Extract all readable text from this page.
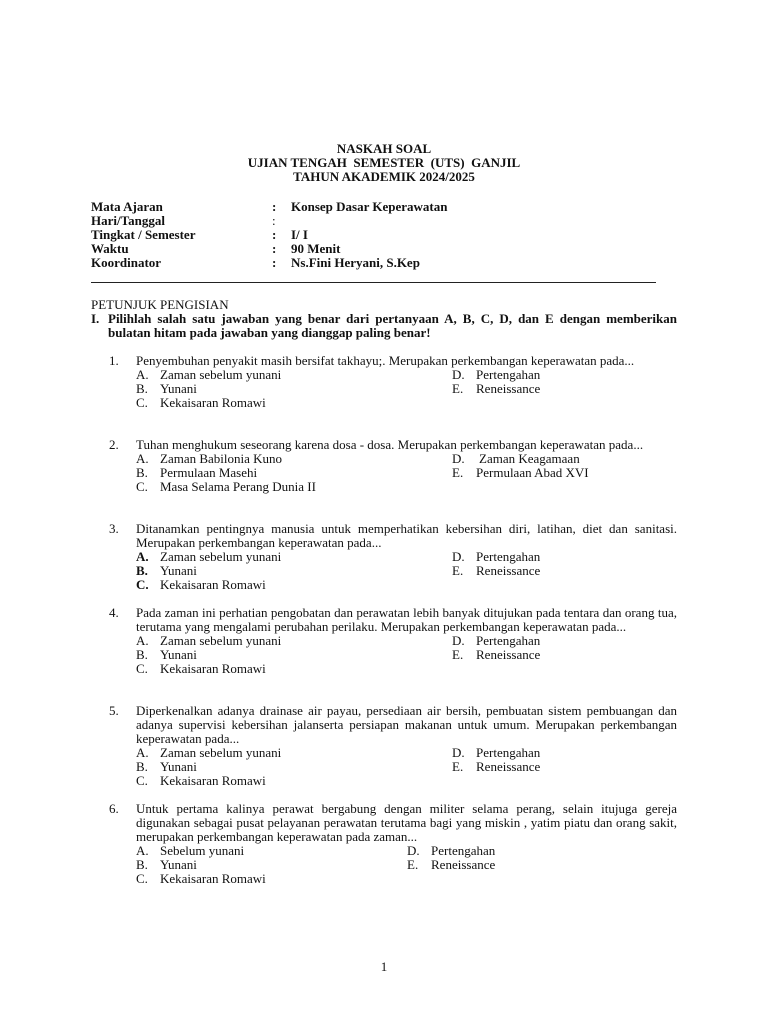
NASKAH SOAL
UJIAN TENGAH  SEMESTER  (UTS)  GANJIL
TAHUN AKADEMIK 2024/2025
Mata Ajaran	: Konsep Dasar Keperawatan
Hari/Tanggal	:
Tingkat / Semester	: I/ I
Waktu	: 90 Menit
Koordinator	: Ns.Fini Heryani, S.Kep
PETUNJUK PENGISIAN
I. Pilihlah salah satu jawaban yang benar dari pertanyaan A, B, C, D, dan E dengan memberikan bulatan hitam pada jawaban yang dianggap paling benar!
1. Penyembuhan penyakit masih bersifat takhayu;. Merupakan perkembangan keperawatan pada...
A. Zaman sebelum yunani
B. Yunani
C. Kekaisaran Romawi
D. Pertengahan
E. Reneissance
2. Tuhan menghukum seseorang karena dosa - dosa. Merupakan perkembangan keperawatan pada...
A. Zaman Babilonia Kuno
B. Permulaan Masehi
C. Masa Selama Perang Dunia II
D. Zaman Keagamaan
E. Permulaan Abad XVI
3. Ditanamkan pentingnya manusia untuk memperhatikan kebersihan diri, latihan, diet dan sanitasi. Merupakan perkembangan keperawatan pada...
A. Zaman sebelum yunani
B. Yunani
C. Kekaisaran Romawi
D. Pertengahan
E. Reneissance
4. Pada zaman ini perhatian pengobatan dan perawatan lebih banyak ditujukan pada tentara dan orang tua, terutama yang mengalami perubahan perilaku. Merupakan perkembangan keperawatan pada...
A. Zaman sebelum yunani
B. Yunani
C. Kekaisaran Romawi
D. Pertengahan
E. Reneissance
5. Diperkenalkan adanya drainase air payau, persediaan air bersih, pembuatan sistem pembuangan dan adanya supervisi kebersihan jalanserta persiapan makanan untuk umum. Merupakan perkembangan keperawatan pada...
A. Zaman sebelum yunani
B. Yunani
C. Kekaisaran Romawi
D. Pertengahan
E. Reneissance
6. Untuk pertama kalinya perawat bergabung dengan militer selama perang, selain itujuga gereja digunakan sebagai pusat pelayanan perawatan terutama bagi yang miskin , yatim piatu dan orang sakit, merupakan perkembangan keperawatan pada zaman...
A. Sebelum yunani
B. Yunani
C. Kekaisaran Romawi
D. Pertengahan
E. Reneissance
1
